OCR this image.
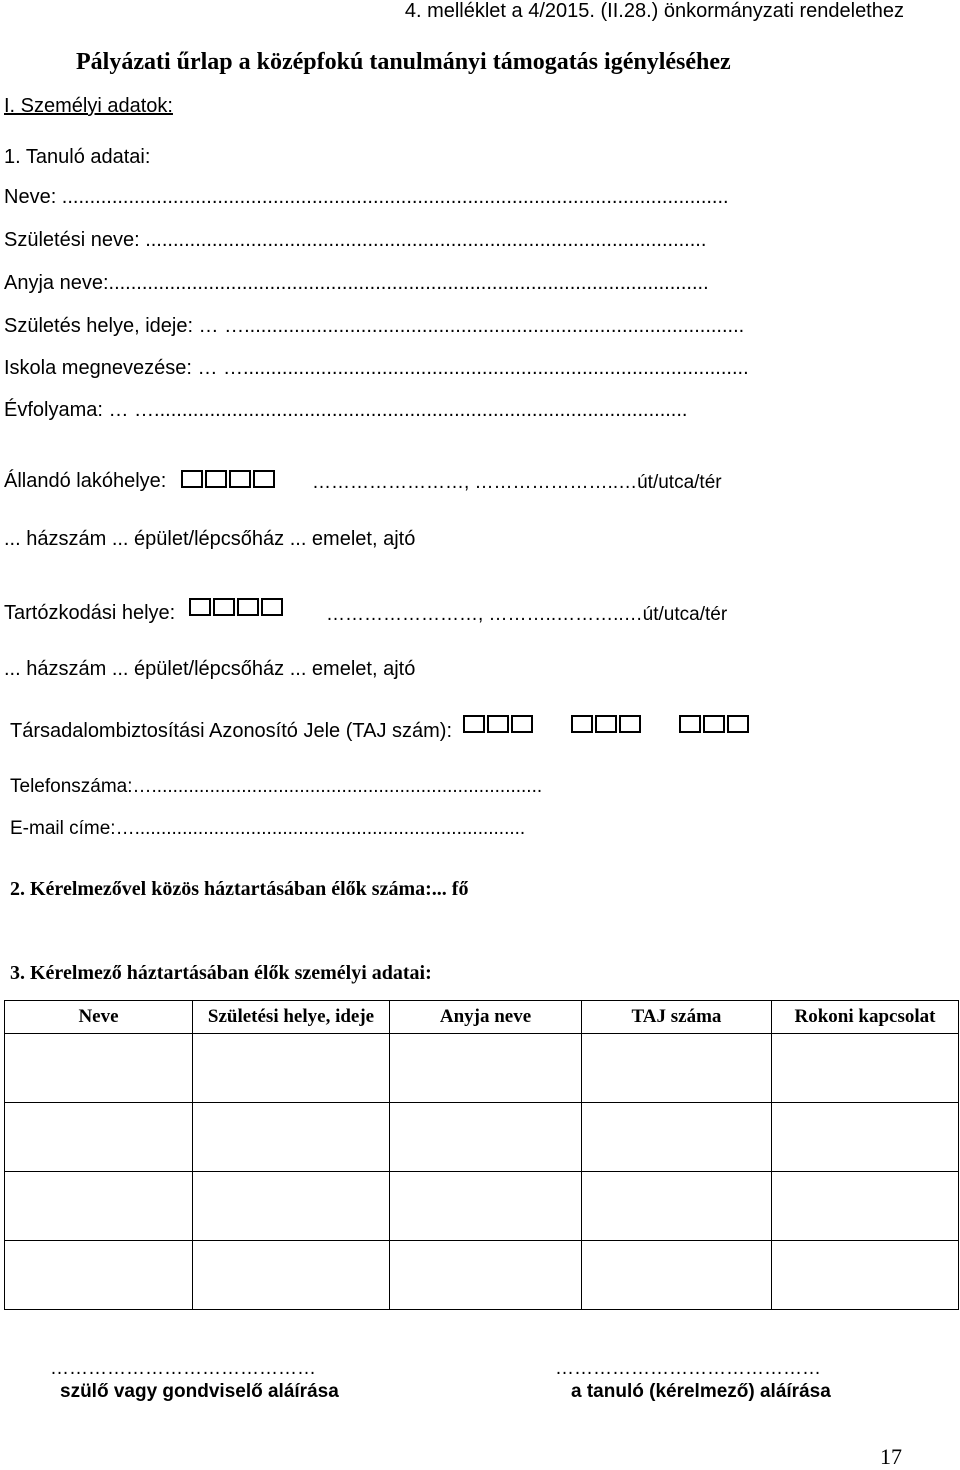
4. melléklet a 4/2015. (II.28.) önkormányzati rendelethez
Pályázati űrlap a középfokú tanulmányi támogatás igényléséhez
I. Személyi adatok:
1. Tanuló adatai:
Neve: ........................................................................................................................
Születési neve: .....................................................................................................
Anyja neve:............................................................................................................
Születés helye, ideje: … …..........................................................................................
Iskola megnevezése: … …...........................................................................................
Évfolyama: … …................................................................................................
Állandó lakóhelye:	……………………, …………………..…út/utca/tér
... házszám ... épület/lépcsőház ... emelet, ajtó
Tartózkodási helye:	……………………, ………..………..…út/utca/tér
... házszám ... épület/lépcsőház ... emelet, ajtó
Társadalombiztosítási Azonosító Jele (TAJ szám):

Telefonszáma:…..........................................................................
E-mail címe:…..........................................................................
2. Kérelmezővel közös háztartásában élők száma:... fő
3. Kérelmező háztartásában élők személyi adatai:
Neve	Születési helye, ideje	Anyja neve	TAJ száma	Rokoni kapcsolat

……………………………………
szülő vagy gondviselő aláírása
……………………………………
a tanuló (kérelmező) aláírása
17
